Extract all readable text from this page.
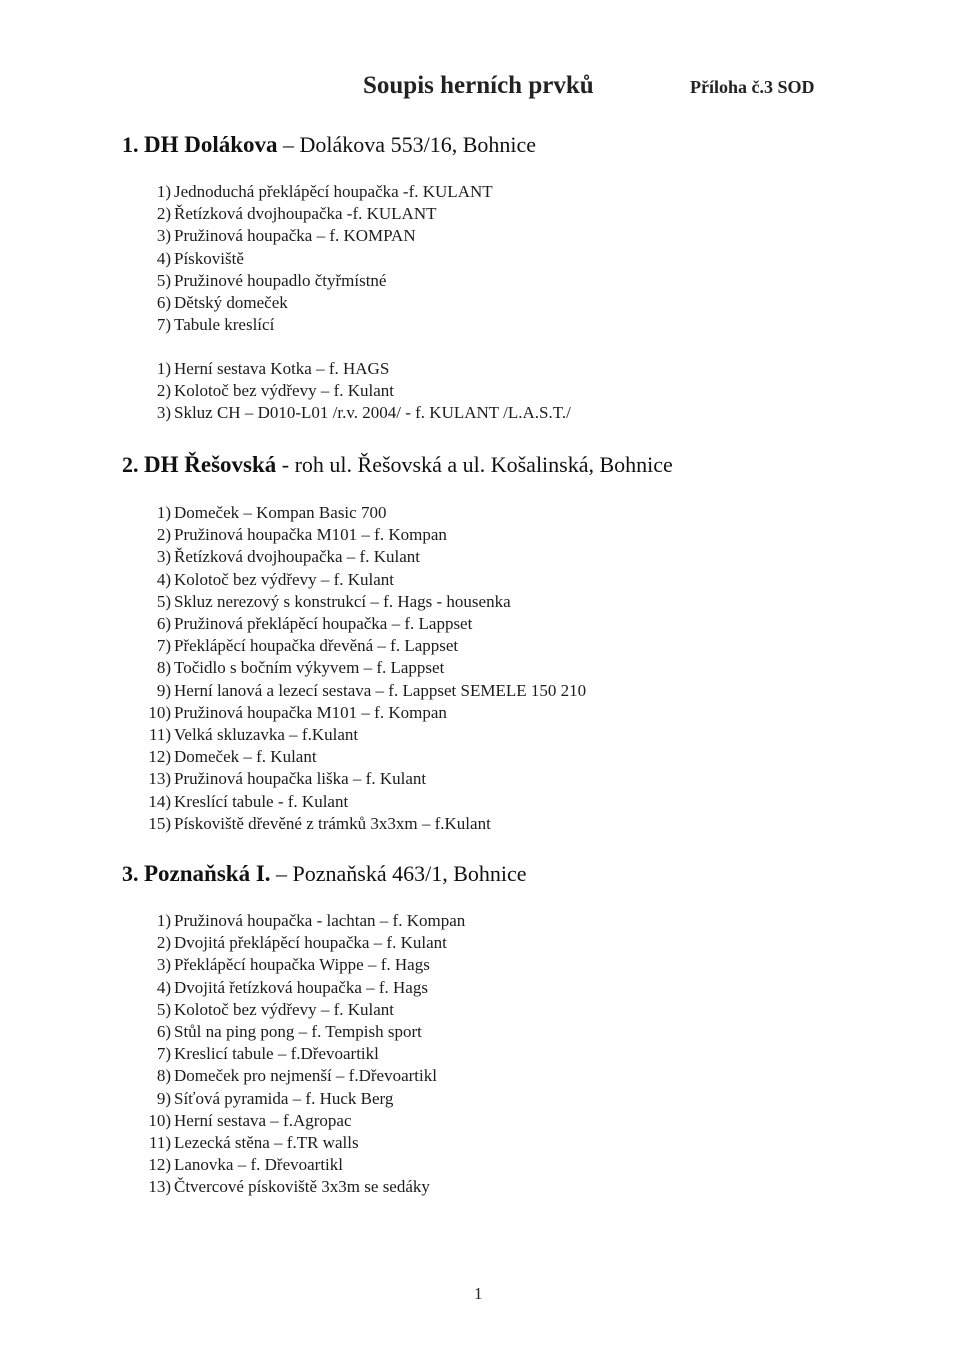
Soupis herních prvků	Příloha č.3 SOD
1. DH Dolákova – Dolákova 553/16, Bohnice
1) Jednoduchá překlápěcí houpačka -f. KULANT
2) Řetízková dvojhoupačka -f. KULANT
3) Pružinová houpačka – f. KOMPAN
4) Pískoviště
5) Pružinové houpadlo čtyřmístné
6) Dětský domeček
7) Tabule kreslící
1) Herní sestava Kotka – f. HAGS
2) Kolotoč bez výdřevy – f. Kulant
3) Skluz CH – D010-L01 /r.v. 2004/ - f. KULANT /L.A.S.T./
2. DH Řešovská - roh ul. Řešovská a ul. Košalinská, Bohnice
1) Domeček – Kompan Basic 700
2) Pružinová houpačka M101 – f. Kompan
3) Řetízková dvojhoupačka – f. Kulant
4) Kolotoč bez výdřevy – f. Kulant
5) Skluz nerezový s konstrukcí – f. Hags - housenka
6) Pružinová překlápěcí houpačka – f. Lappset
7) Překlápěcí houpačka dřevěná – f. Lappset
8) Točidlo s bočním výkyvem – f. Lappset
9) Herní lanová a lezecí sestava – f. Lappset SEMELE 150 210
10) Pružinová houpačka M101 – f. Kompan
11) Velká skluzavka – f.Kulant
12) Domeček – f. Kulant
13) Pružinová houpačka liška – f. Kulant
14) Kreslící tabule - f. Kulant
15) Pískoviště dřevěné z trámků 3x3xm – f.Kulant
3. Poznaňská I. – Poznaňská 463/1, Bohnice
1) Pružinová houpačka - lachtan – f. Kompan
2) Dvojitá překlápěcí houpačka – f. Kulant
3) Překlápěcí houpačka Wippe – f. Hags
4) Dvojitá řetízková houpačka – f. Hags
5) Kolotoč bez výdřevy – f. Kulant
6) Stůl na ping pong – f. Tempish sport
7) Kreslicí tabule – f.Dřevoartikl
8) Domeček pro nejmenší – f.Dřevoartikl
9) Síťová pyramida – f. Huck Berg
10) Herní sestava – f.Agropac
11) Lezecká stěna – f.TR walls
12) Lanovka – f. Dřevoartikl
13) Čtvercové pískoviště 3x3m se sedáky
1
